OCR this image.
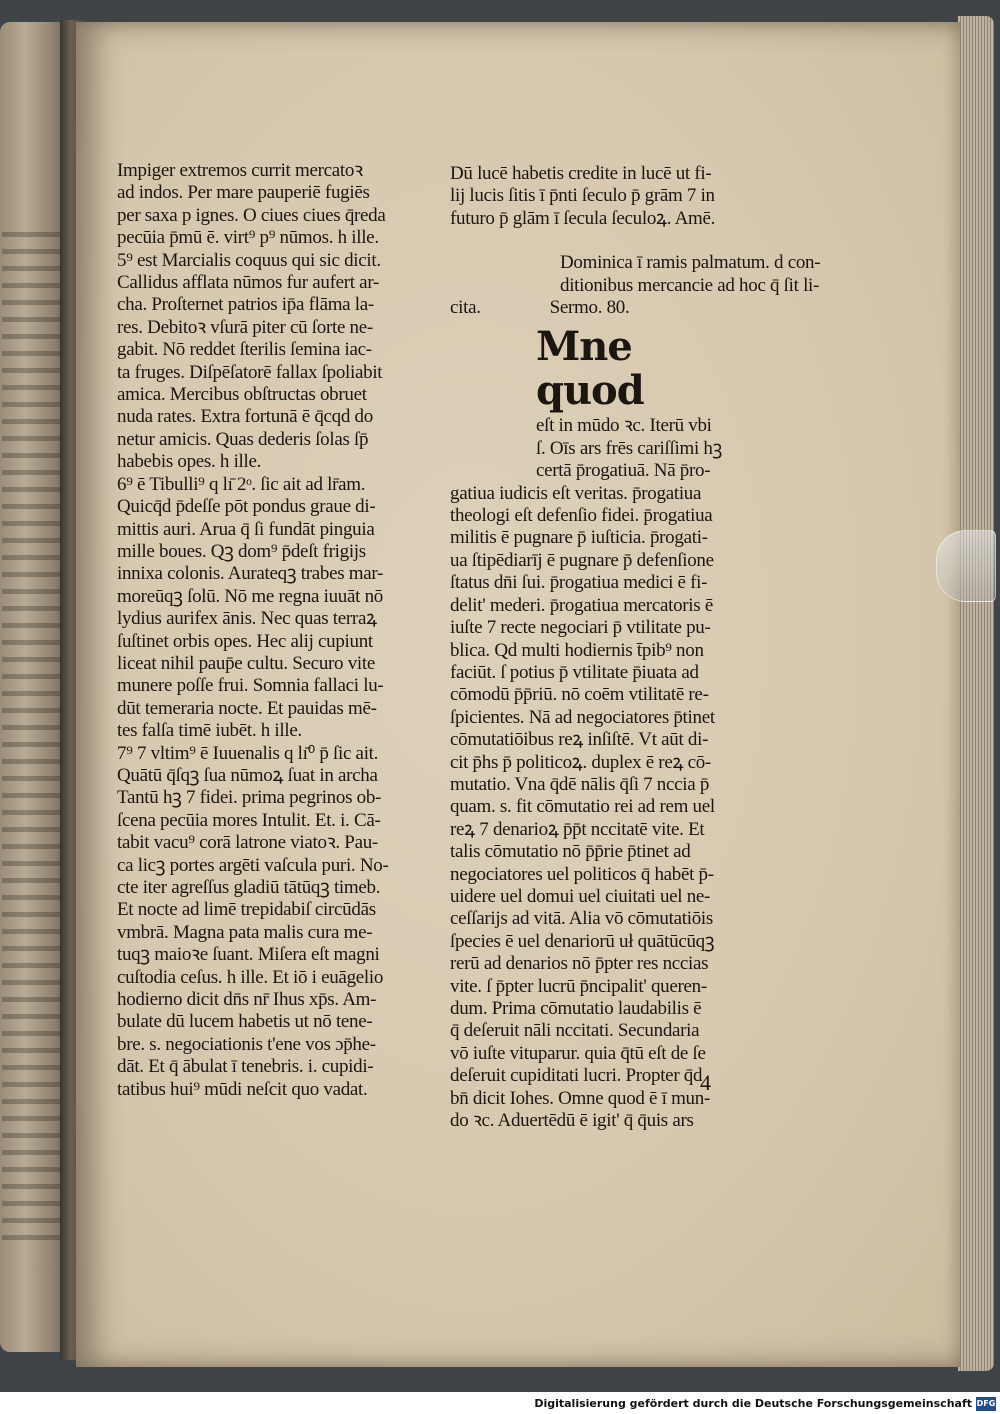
Impiger extremos currit mercatoꝛ
ad indos. Per mare pauperiē fugiēs
per saxa p ignes. O ciues ciues q̄reda
pecūia p̄mū ē. virt⁹ p⁹ nūmos. h ille.
5⁹ est Marcialis coquus qui sic dicit.
Callidus afflata nūmos fur aufert ar-
cha. Proſternet patrios ip̄a flāma la-
res. Debitoꝛ vſurā piter cū ſorte ne-
gabit. Nō reddet ſterilis ſemina iac-
ta fruges. Diſpēſatorē fallax ſpoliabit
amica. Mercibus obſtructas obruet
nuda rates. Extra fortunā ē q̄cqd do
netur amicis. Quas dederis ſolas ſp̄
habebis opes. h ille.
6⁹ ē Tibulli⁹ q lı̄ 2ᵒ. ſic ait ad lr̄am.
Quicq̄d p̄deſſe pōt pondus graue di-
mittis auri. Arua q̄ ſi fundāt pinguia
mille boues. Qꝫ dom⁹ p̄deſt frigijs
innixa colonis. Aurateqꝫ trabes mar-
moreūqꝫ ſolū. Nō me regna iuuāt nō
lydius aurifex ānis. Nec quas terraꝝ
ſuſtinet orbis opes. Hec alij cupiunt
liceat nihil paup̄e cultu. Securo vite
munere poſſe frui. Somnia fallaci lu-
dūt temeraria nocte. Et pauidas mē-
tes falſa timē iubēt. h ille.
7⁹ 7 vltim⁹ ē Iuuenalis q lı̄⁰ p̄ ſic ait.
Quātū q̄ſqꝫ ſua nūmoꝝ ſuat in archa
Tantū hꝫ 7 fidei. prima pegrinos ob-
ſcena pecūia mores Intulit. Et. i. Cā-
tabit vacu⁹ corā latrone viatoꝛ. Pau-
ca licꝫ portes argēti vaſcula puri. No-
cte iter agreſſus gladiū tātūqꝫ timeb.
Et nocte ad limē trepidabiſ circūdās
vmbrā. Magna pata malis cura me-
tuqꝫ maioꝛe ſuant. Miſera eſt magni
cuſtodia ceſus. h ille. Et iō i euāgelio
hodierno dicit dn̄s nr̄ Ihus xp̄s. Am-
bulate dū lucem habetis ut nō tene-
bre. s. negociationis t'ene vos ɔp̄he-
dāt. Et q̄ ābulat ī tenebris. i. cupidi-
tatibus hui⁹ mūdi neſcit quo vadat.
Dū lucē habetis credite in lucē ut fi-
lij lucis ſitis ī p̄nti ſeculo p̄ grām 7 in
futuro p̄ glām ī ſecula ſeculoꝝ. Amē.
Dominica ī ramis palmatum. d con-
ditionibus mercancie ad hoc q̄ ſit li-
cita.	Sermo. 80.
Mne quod
eſt in mūdo ꝛc. Iterū vbi
ſ. Oīs ars frēs cariſſimi hꝫ
certā p̄rogatiuā. Nā p̄ro-
gatiua iudicis eſt veritas. p̄rogatiua
theologi eſt defenſio fidei. p̄rogatiua
militis ē pugnare p̄ iuſticia. p̄rogati-
ua ſtipēdiarīj ē pugnare p̄ defenſione
ſtatus dn̄i ſui. p̄rogatiua medici ē fi-
delit' mederi. p̄rogatiua mercatoris ē
iuſte 7 recte negociari p̄ vtilitate pu-
blica. Qd multi hodiernis t̄pib⁹ non
faciūt. ſ potius p̄ vtilitate p̄iuata ad
cōmodū p̄p̄riū. nō coēm vtilitatē re-
ſpicientes. Nā ad negociatores p̄tinet
cōmutatiōibus reꝝ inſiſtē. Vt aūt di-
cit p̄hs p̄ politicoꝝ. duplex ē reꝝ cō-
mutatio. Vna q̄dē nālis q̄ſi 7 nccia p̄
quam. s. fit cōmutatio rei ad rem uel
reꝝ 7 denarioꝝ p̄p̄t nccitatē vite. Et
talis cōmutatio nō p̄p̄rie p̄tinet ad
negociatores uel politicos q̄ habēt p̄-
uidere uel domui uel ciuitati uel ne-
ceſſarijs ad vitā. Alia vō cōmutatiōis
ſpecies ē uel denariorū uł quātūcūqꝫ
rerū ad denarios nō p̄pter res nccias
vite. ſ p̄pter lucrū p̄ncipalit' queren-
dum. Prima cōmutatio laudabilis ē
q̄ deſeruit nāli nccitati. Secundaria
vō iuſte vituparur. quia q̄tū eſt de ſe
deſeruit cupiditati lucri. Propter q̄d
bn̄ dicit Iohes. Omne quod ē ī mun-
do ꝛc. Aduertēdū ē igit' q̄ q̄uis ars
4
Digitalisierung gefördert durch die Deutsche Forschungsgemeinschaft DFG
